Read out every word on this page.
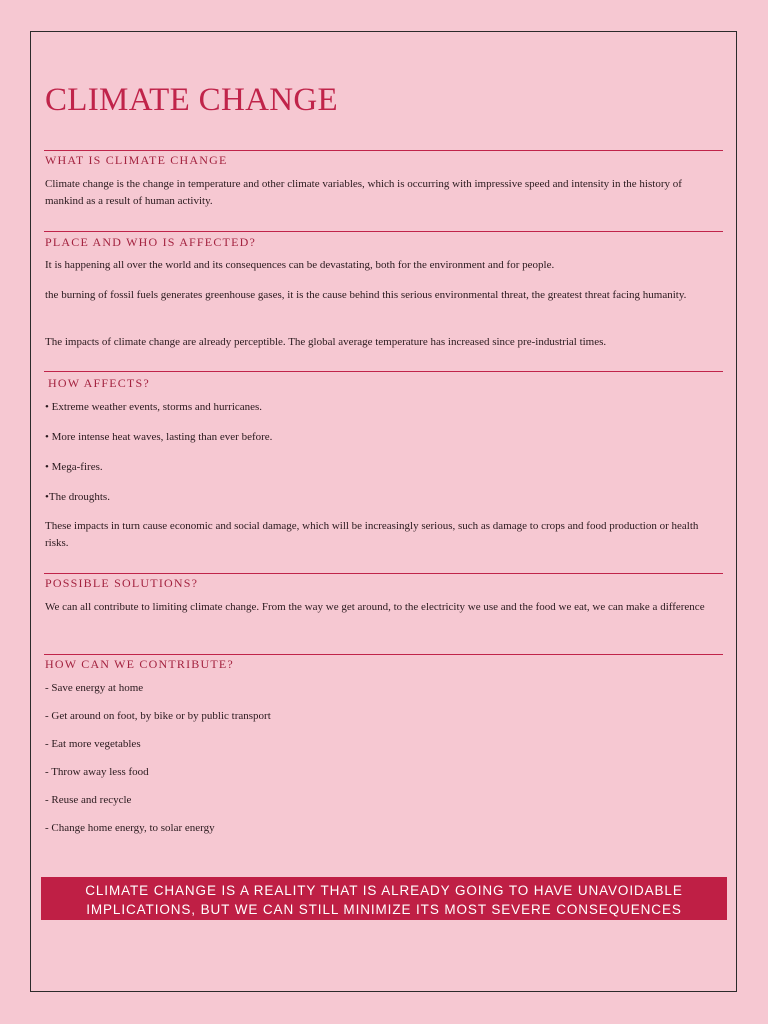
CLIMATE CHANGE
WHAT IS CLIMATE CHANGE

Climate change is the change in temperature and other climate variables, which is occurring with impressive speed and intensity in the history of mankind as a result of human activity.

PLACE AND WHO IS AFFECTED?

It is happening all over the world and its consequences can be devastating, both for the environment and for people.

the burning of fossil fuels generates greenhouse gases, it is the cause behind this serious environmental threat, the greatest threat facing humanity.

The impacts of climate change are already perceptible. The global average temperature has increased since pre-industrial times.

HOW AFFECTS?

• Extreme weather events, storms and hurricanes.

• More intense heat waves, lasting than ever before.

• Mega-fires.

•The droughts.

These impacts in turn cause economic and social damage, which will be increasingly serious, such as damage to crops and food production or health risks.

POSSIBLE SOLUTIONS?

We can all contribute to limiting climate change. From the way we get around, to the electricity we use and the food we eat, we can make a difference

HOW CAN WE CONTRIBUTE?

- Save energy at home

- Get around on foot, by bike or by public transport

- Eat more vegetables

- Throw away less food

- Reuse and recycle

- Change home energy, to solar energy

CLIMATE CHANGE IS A REALITY THAT IS ALREADY GOING TO HAVE UNAVOIDABLE
IMPLICATIONS, BUT WE CAN STILL MINIMIZE ITS MOST SEVERE CONSEQUENCES
